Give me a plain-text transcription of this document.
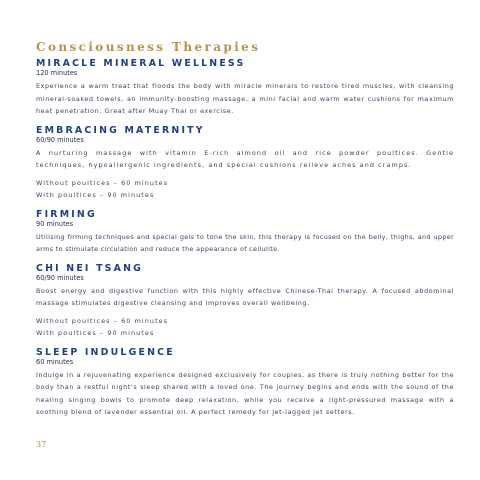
Consciousness Therapies
MIRACLE MINERAL WELLNESS
120 minutes

Experience a warm treat that floods the body with miracle minerals to restore tired muscles, with cleansing mineral-soaked towels, an immunity-boosting massage, a mini facial and warm water cushions for maximum heat penetration. Great after Muay Thai or exercise.

EMBRACING MATERNITY
60/90 minutes

A nurturing massage with vitamin E-rich almond oil and rice powder poultices. Gentle techniques, hypoallergenic ingredients, and special cushions relieve aches and cramps.

Without poultices – 60 minutes

With poultices – 90 minutes

FIRMING
90 minutes

Utilising firming techniques and special gels to tone the skin, this therapy is focused on the belly, thighs, and upper arms to stimulate circulation and reduce the appearance of cellulite.

CHI NEI TSANG
60/90 minutes

Boost energy and digestive function with this highly effective Chinese-Thai therapy. A focused abdominal massage stimulates digestive cleansing and improves overall wellbeing.

Without poultices – 60 minutes

With poultices – 90 minutes

SLEEP INDULGENCE
60 minutes

Indulge in a rejuvenating experience designed exclusively for couples, as there is truly nothing better for the body than a restful night's sleep shared with a loved one. The journey begins and ends with the sound of the healing singing bowls to promote deep relaxation, while you receive a light-pressured massage with a soothing blend of lavender essential oil. A perfect remedy for jet-lagged jet setters.

37
